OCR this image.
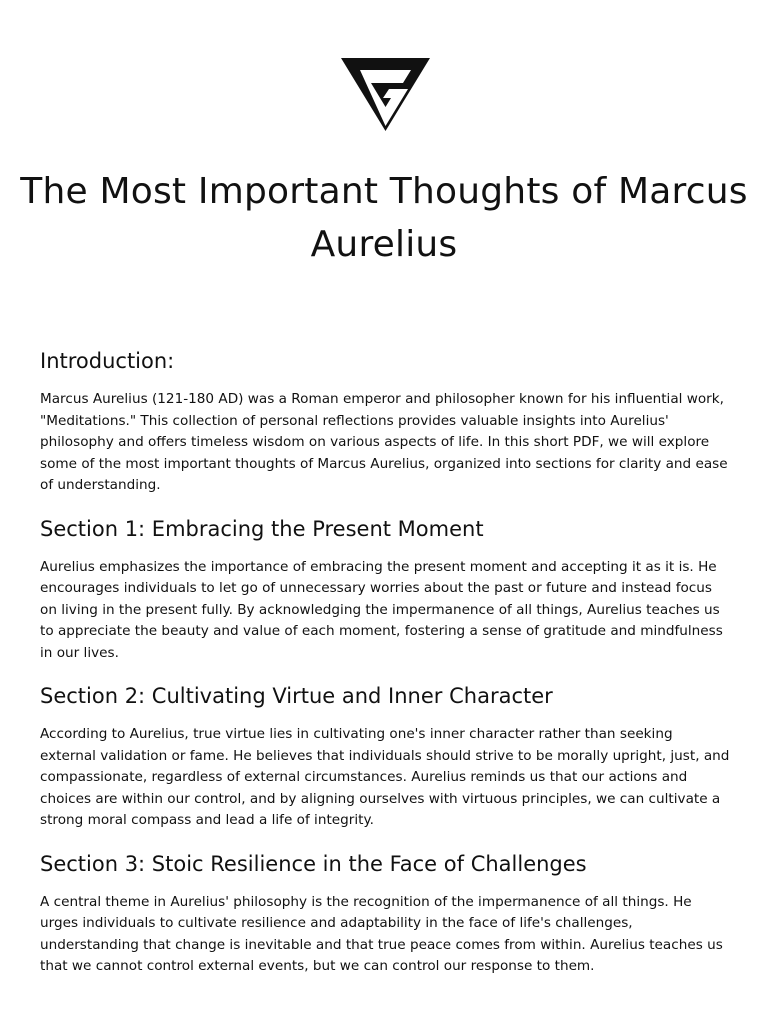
The Most Important Thoughts of Marcus Aurelius
Introduction:

Marcus Aurelius (121-180 AD) was a Roman emperor and philosopher known for his influential work, "Meditations." This collection of personal reflections provides valuable insights into Aurelius' philosophy and offers timeless wisdom on various aspects of life. In this short PDF, we will explore some of the most important thoughts of Marcus Aurelius, organized into sections for clarity and ease of understanding.

Section 1: Embracing the Present Moment

Aurelius emphasizes the importance of embracing the present moment and accepting it as it is. He encourages individuals to let go of unnecessary worries about the past or future and instead focus on living in the present fully. By acknowledging the impermanence of all things, Aurelius teaches us to appreciate the beauty and value of each moment, fostering a sense of gratitude and mindfulness in our lives.

Section 2: Cultivating Virtue and Inner Character

According to Aurelius, true virtue lies in cultivating one's inner character rather than seeking external validation or fame. He believes that individuals should strive to be morally upright, just, and compassionate, regardless of external circumstances. Aurelius reminds us that our actions and choices are within our control, and by aligning ourselves with virtuous principles, we can cultivate a strong moral compass and lead a life of integrity.

Section 3: Stoic Resilience in the Face of Challenges

A central theme in Aurelius' philosophy is the recognition of the impermanence of all things. He urges individuals to cultivate resilience and adaptability in the face of life's challenges, understanding that change is inevitable and that true peace comes from within. Aurelius teaches us that we cannot control external events, but we can control our response to them.
